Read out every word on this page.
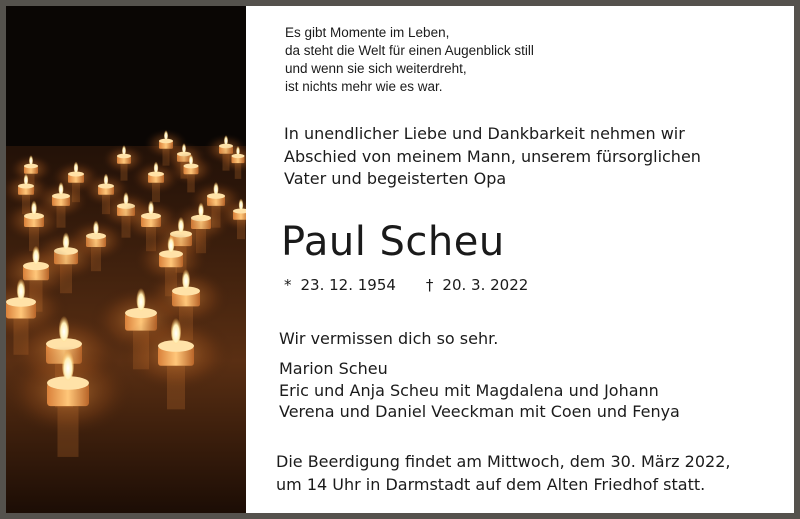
Es gibt Momente im Leben,
da steht die Welt für einen Augenblick still
und wenn sie sich weiterdreht,
ist nichts mehr wie es war.
In unendlicher Liebe und Dankbarkeit nehmen wir
Abschied von meinem Mann, unserem fürsorglichen
Vater und begeisterten Opa
Paul Scheu
* 23. 12. 1954 † 20. 3. 2022
Wir vermissen dich so sehr.
Marion Scheu
Eric und Anja Scheu mit Magdalena und Johann
Verena und Daniel Veeckman mit Coen und Fenya
Die Beerdigung findet am Mittwoch, dem 30. März 2022,
um 14 Uhr in Darmstadt auf dem Alten Friedhof statt.
